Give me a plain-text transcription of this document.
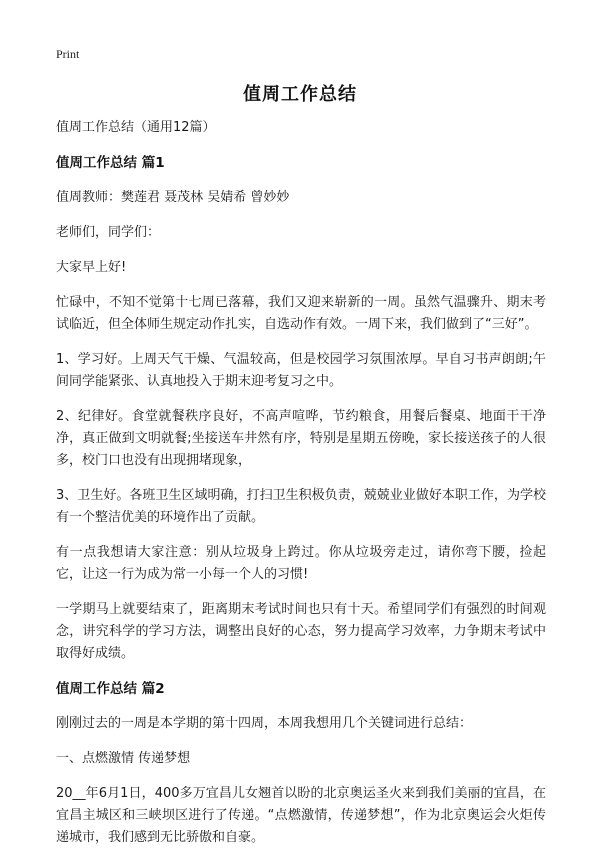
Print
值周工作总结

值周工作总结（通用12篇）

值周工作总结 篇1

值周教师：樊莲君 聂茂林 吴婧希 曾妙妙

老师们，同学们：

大家早上好!

忙碌中，不知不觉第十七周已落幕，我们又迎来崭新的一周。虽然气温骤升、期末考试临近，但全体师生规定动作扎实，自选动作有效。一周下来，我们做到了“三好”。

1、学习好。上周天气干燥、气温较高，但是校园学习氛围浓厚。早自习书声朗朗;午间同学能紧张、认真地投入于期末迎考复习之中。

2、纪律好。食堂就餐秩序良好，不高声喧哗，节约粮食，用餐后餐桌、地面干干净净，真正做到文明就餐;坐接送车井然有序，特别是星期五傍晚，家长接送孩子的人很多，校门口也没有出现拥堵现象，

3、卫生好。各班卫生区域明确，打扫卫生积极负责，兢兢业业做好本职工作，为学校有一个整洁优美的环境作出了贡献。

有一点我想请大家注意：别从垃圾身上跨过。你从垃圾旁走过，请你弯下腰，捡起它，让这一行为成为常一小每一个人的习惯!

一学期马上就要结束了，距离期末考试时间也只有十天。希望同学们有强烈的时间观念，讲究科学的学习方法，调整出良好的心态，努力提高学习效率，力争期末考试中取得好成绩。

值周工作总结 篇2

刚刚过去的一周是本学期的第十四周，本周我想用几个关键词进行总结：

一、点燃激情 传递梦想

20__年6月1日，400多万宜昌儿女翘首以盼的北京奥运圣火来到我们美丽的宜昌，在宜昌主城区和三峡坝区进行了传递。“点燃激情，传递梦想”，作为北京奥运会火炬传递城市，我们感到无比骄傲和自豪。
